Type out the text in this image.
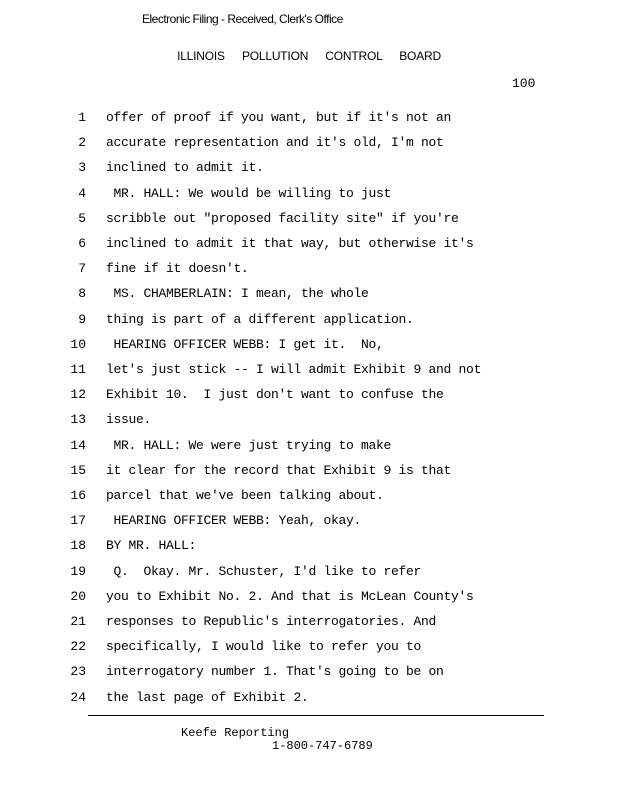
Electronic Filing - Received, Clerk's Office
ILLINOIS POLLUTION CONTROL BOARD
100
1 offer of proof if you want, but if it's not an
2 accurate representation and it's old, I'm not
3 inclined to admit it.
4 MR. HALL: We would be willing to just
5 scribble out "proposed facility site" if you're
6 inclined to admit it that way, but otherwise it's
7 fine if it doesn't.
8 MS. CHAMBERLAIN: I mean, the whole
9 thing is part of a different application.
10 HEARING OFFICER WEBB: I get it.  No,
11 let's just stick -- I will admit Exhibit 9 and not
12 Exhibit 10.  I just don't want to confuse the
13 issue.
14 MR. HALL: We were just trying to make
15 it clear for the record that Exhibit 9 is that
16 parcel that we've been talking about.
17 HEARING OFFICER WEBB: Yeah, okay.
18 BY MR. HALL:
19 Q.  Okay. Mr. Schuster, I'd like to refer
20 you to Exhibit No. 2. And that is McLean County's
21 responses to Republic's interrogatories. And
22 specifically, I would like to refer you to
23 interrogatory number 1. That's going to be on
24 the last page of Exhibit 2.
Keefe Reporting
1-800-747-6789
